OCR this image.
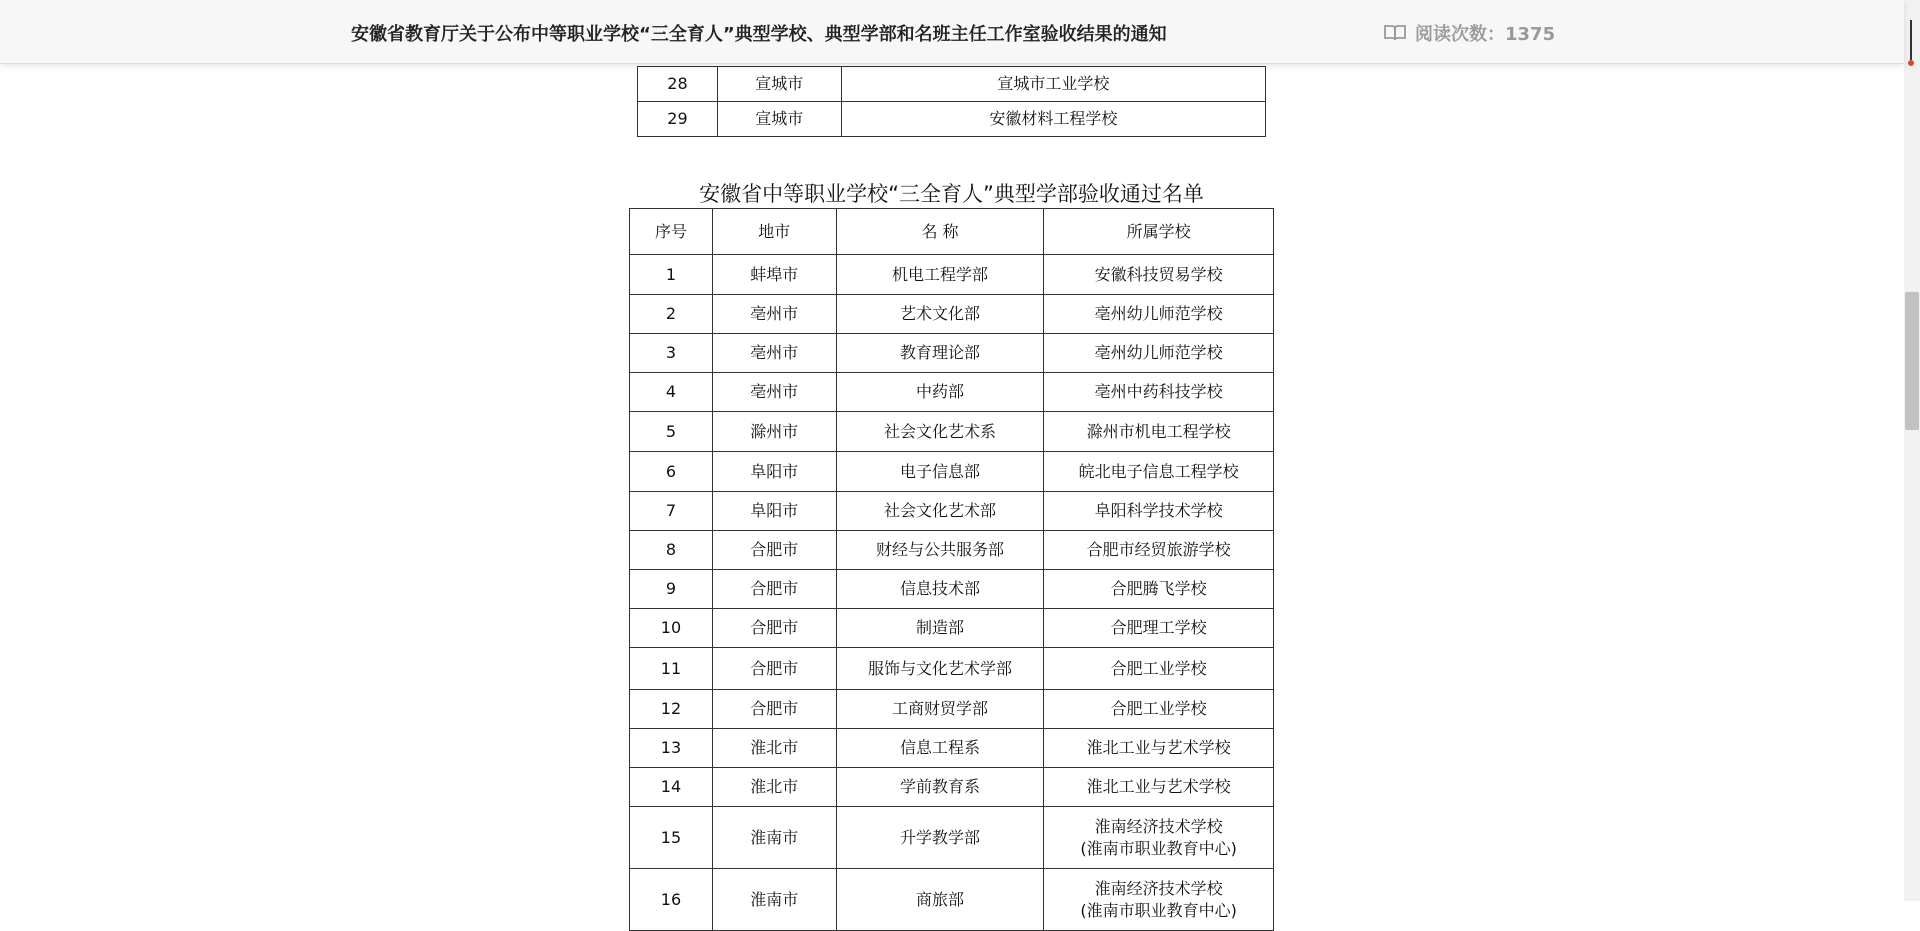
28	宣城市	宣城市工业学校
29	宣城市	安徽材料工程学校
安徽省中等职业学校“三全育人”典型学部验收通过名单
序号	地市	名 称	所属学校
1	蚌埠市	机电工程学部	安徽科技贸易学校
2	亳州市	艺术文化部	亳州幼儿师范学校
3	亳州市	教育理论部	亳州幼儿师范学校
4	亳州市	中药部	亳州中药科技学校
5	滁州市	社会文化艺术系	滁州市机电工程学校
6	阜阳市	电子信息部	皖北电子信息工程学校
7	阜阳市	社会文化艺术部	阜阳科学技术学校
8	合肥市	财经与公共服务部	合肥市经贸旅游学校
9	合肥市	信息技术部	合肥腾飞学校
10	合肥市	制造部	合肥理工学校
11	合肥市	服饰与文化艺术学部	合肥工业学校
12	合肥市	工商财贸学部	合肥工业学校
13	淮北市	信息工程系	淮北工业与艺术学校
14	淮北市	学前教育系	淮北工业与艺术学校
15	淮南市	升学教学部	淮南经济技术学校
(淮南市职业教育中心)

16	淮南市	商旅部	淮南经济技术学校
(淮南市职业教育中心)
安徽省教育厅关于公布中等职业学校“三全育人”典型学校、典型学部和名班主任工作室验收结果的通知	阅读次数：1375
